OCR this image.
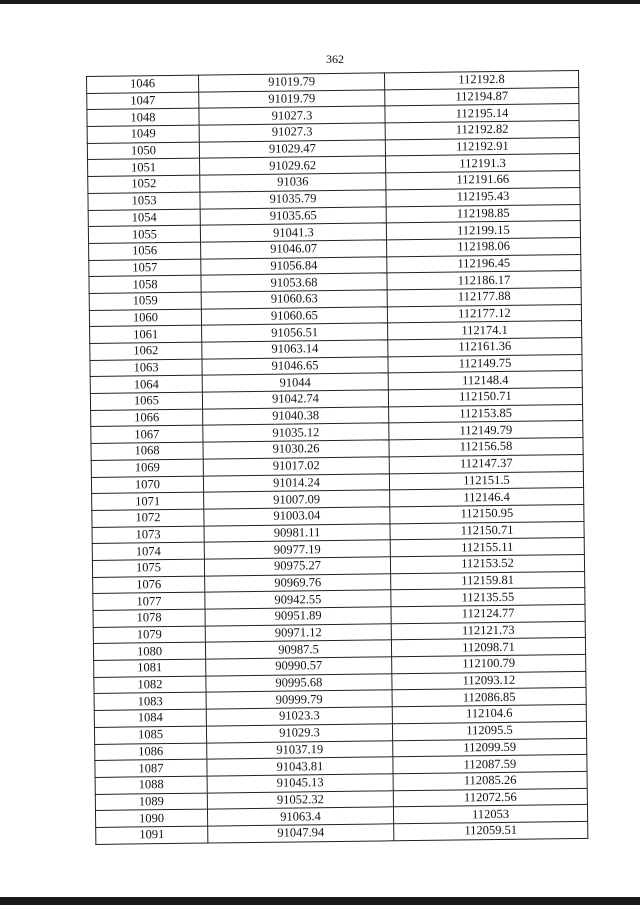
362
1046	91019.79	112192.8
1047	91019.79	112194.87
1048	91027.3	112195.14
1049	91027.3	112192.82
1050	91029.47	112192.91
1051	91029.62	112191.3
1052	91036	112191.66
1053	91035.79	112195.43
1054	91035.65	112198.85
1055	91041.3	112199.15
1056	91046.07	112198.06
1057	91056.84	112196.45
1058	91053.68	112186.17
1059	91060.63	112177.88
1060	91060.65	112177.12
1061	91056.51	112174.1
1062	91063.14	112161.36
1063	91046.65	112149.75
1064	91044	112148.4
1065	91042.74	112150.71
1066	91040.38	112153.85
1067	91035.12	112149.79
1068	91030.26	112156.58
1069	91017.02	112147.37
1070	91014.24	112151.5
1071	91007.09	112146.4
1072	91003.04	112150.95
1073	90981.11	112150.71
1074	90977.19	112155.11
1075	90975.27	112153.52
1076	90969.76	112159.81
1077	90942.55	112135.55
1078	90951.89	112124.77
1079	90971.12	112121.73
1080	90987.5	112098.71
1081	90990.57	112100.79
1082	90995.68	112093.12
1083	90999.79	112086.85
1084	91023.3	112104.6
1085	91029.3	112095.5
1086	91037.19	112099.59
1087	91043.81	112087.59
1088	91045.13	112085.26
1089	91052.32	112072.56
1090	91063.4	112053
1091	91047.94	112059.51
